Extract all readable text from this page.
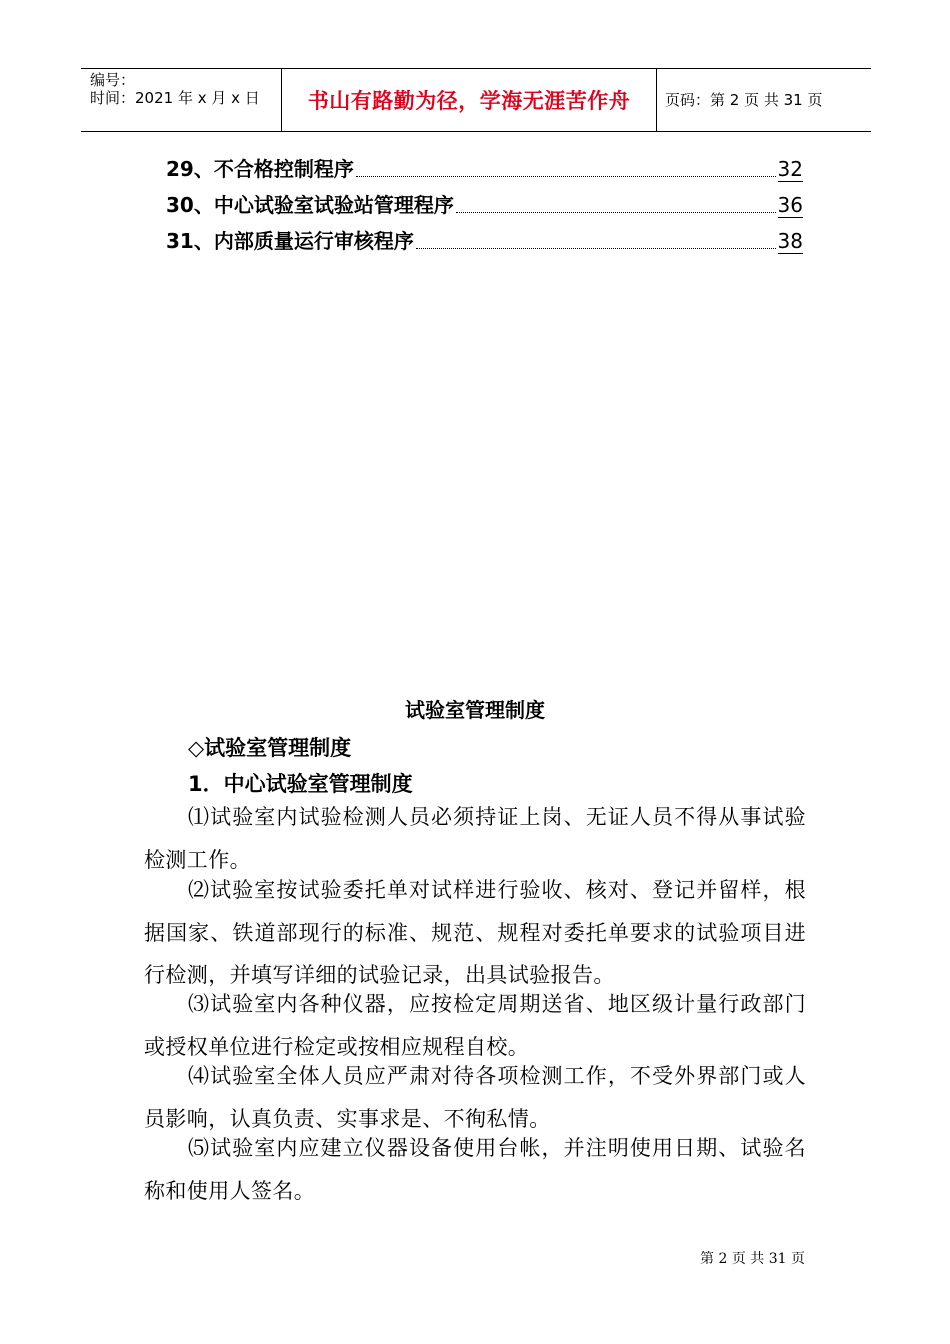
编号：
时间：2021 年 x 月 x 日 书山有路勤为径，学海无涯苦作舟	页码：第 2 页 共 31 页
29、不合格控制程序	32
30、中心试验室试验站管理程序	36
31、内部质量运行审核程序	38
试验室管理制度
◇试验室管理制度
1．中心试验室管理制度

⑴试验室内试验检测人员必须持证上岗、无证人员不得从事试验检测工作。

⑵试验室按试验委托单对试样进行验收、核对、登记并留样，根据国家、铁道部现行的标准、规范、规程对委托单要求的试验项目进行检测，并填写详细的试验记录，出具试验报告。

⑶试验室内各种仪器，应按检定周期送省、地区级计量行政部门或授权单位进行检定或按相应规程自校。

⑷试验室全体人员应严肃对待各项检测工作，不受外界部门或人员影响，认真负责、实事求是、不徇私情。

⑸试验室内应建立仪器设备使用台帐，并注明使用日期、试验名称和使用人签名。

第 2 页 共 31 页
